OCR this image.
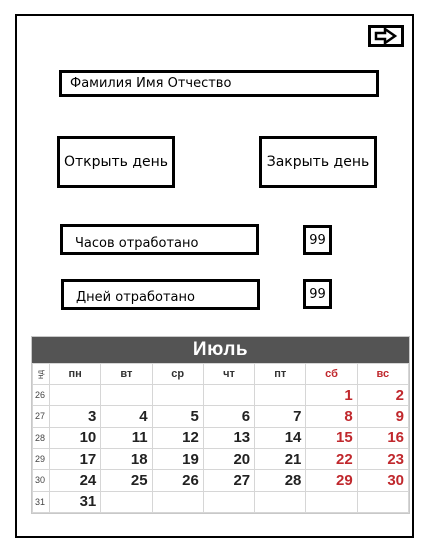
Фамилия Имя Отчество
Открыть день	Закрыть день
Часов отработано	99
Дней отработано	99
Июль
нд	пн	вт	ср	чт	пт	сб	вс
26						1	2
27	3	4	5	6	7	8	9
28	10	11	12	13	14	15	16
29	17	18	19	20	21	22	23
30	24	25	26	27	28	29	30
31	31						
